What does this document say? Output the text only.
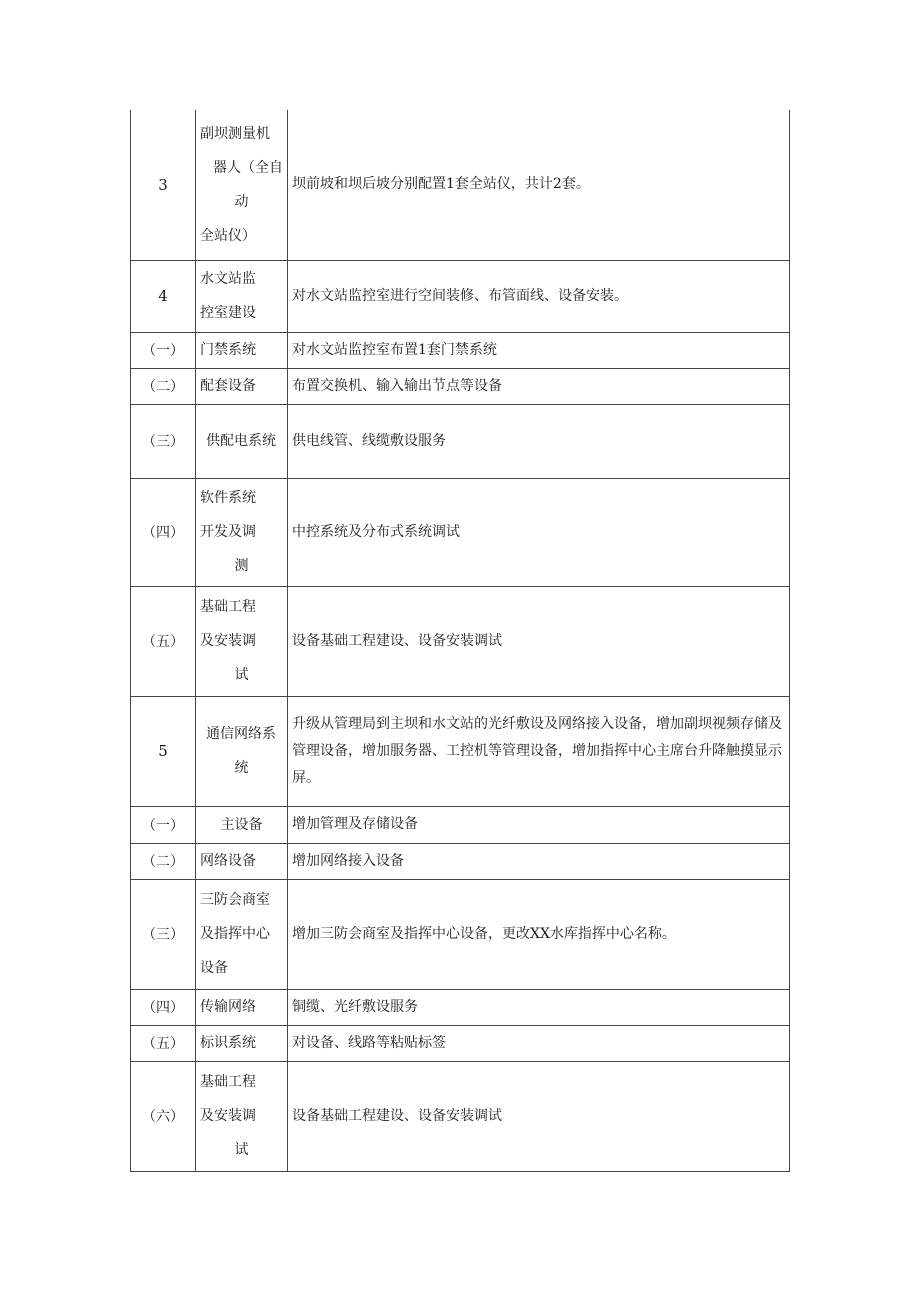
3	副坝测量机
器人（全自
动
全站仪）	坝前坡和坝后坡分别配置1套全站仪，共计2套。
4	水文站监
控室建设	对水文站监控室进行空间装修、布管面线、设备安装。
（一）	门禁系统	对水文站监控室布置1套门禁系统
（二）	配套设备	布置交换机、输入输出节点等设备
（三）	供配电系统	供电线管、线缆敷设服务
（四）	软件系统
开发及调
测	中控系统及分布式系统调试
（五）	基础工程
及安装调
试	设备基础工程建设、设备安装调试
5	通信网络系
统	升级从管理局到主坝和水文站的光纤敷设及网络接入设备，增加副坝视频存储及管理设备，增加服务器、工控机等管理设备，增加指挥中心主席台升降触摸显示屏。
（一）	主设备	增加管理及存储设备
（二）	网络设备	增加网络接入设备
（三）	三防会商室
及指挥中心
设备	增加三防会商室及指挥中心设备，更改XX水库指挥中心名称。
（四）	传输网络	铜缆、光纤敷设服务
（五）	标识系统	对设备、线路等粘贴标签
（六）	基础工程
及安装调
试	设备基础工程建设、设备安装调试
